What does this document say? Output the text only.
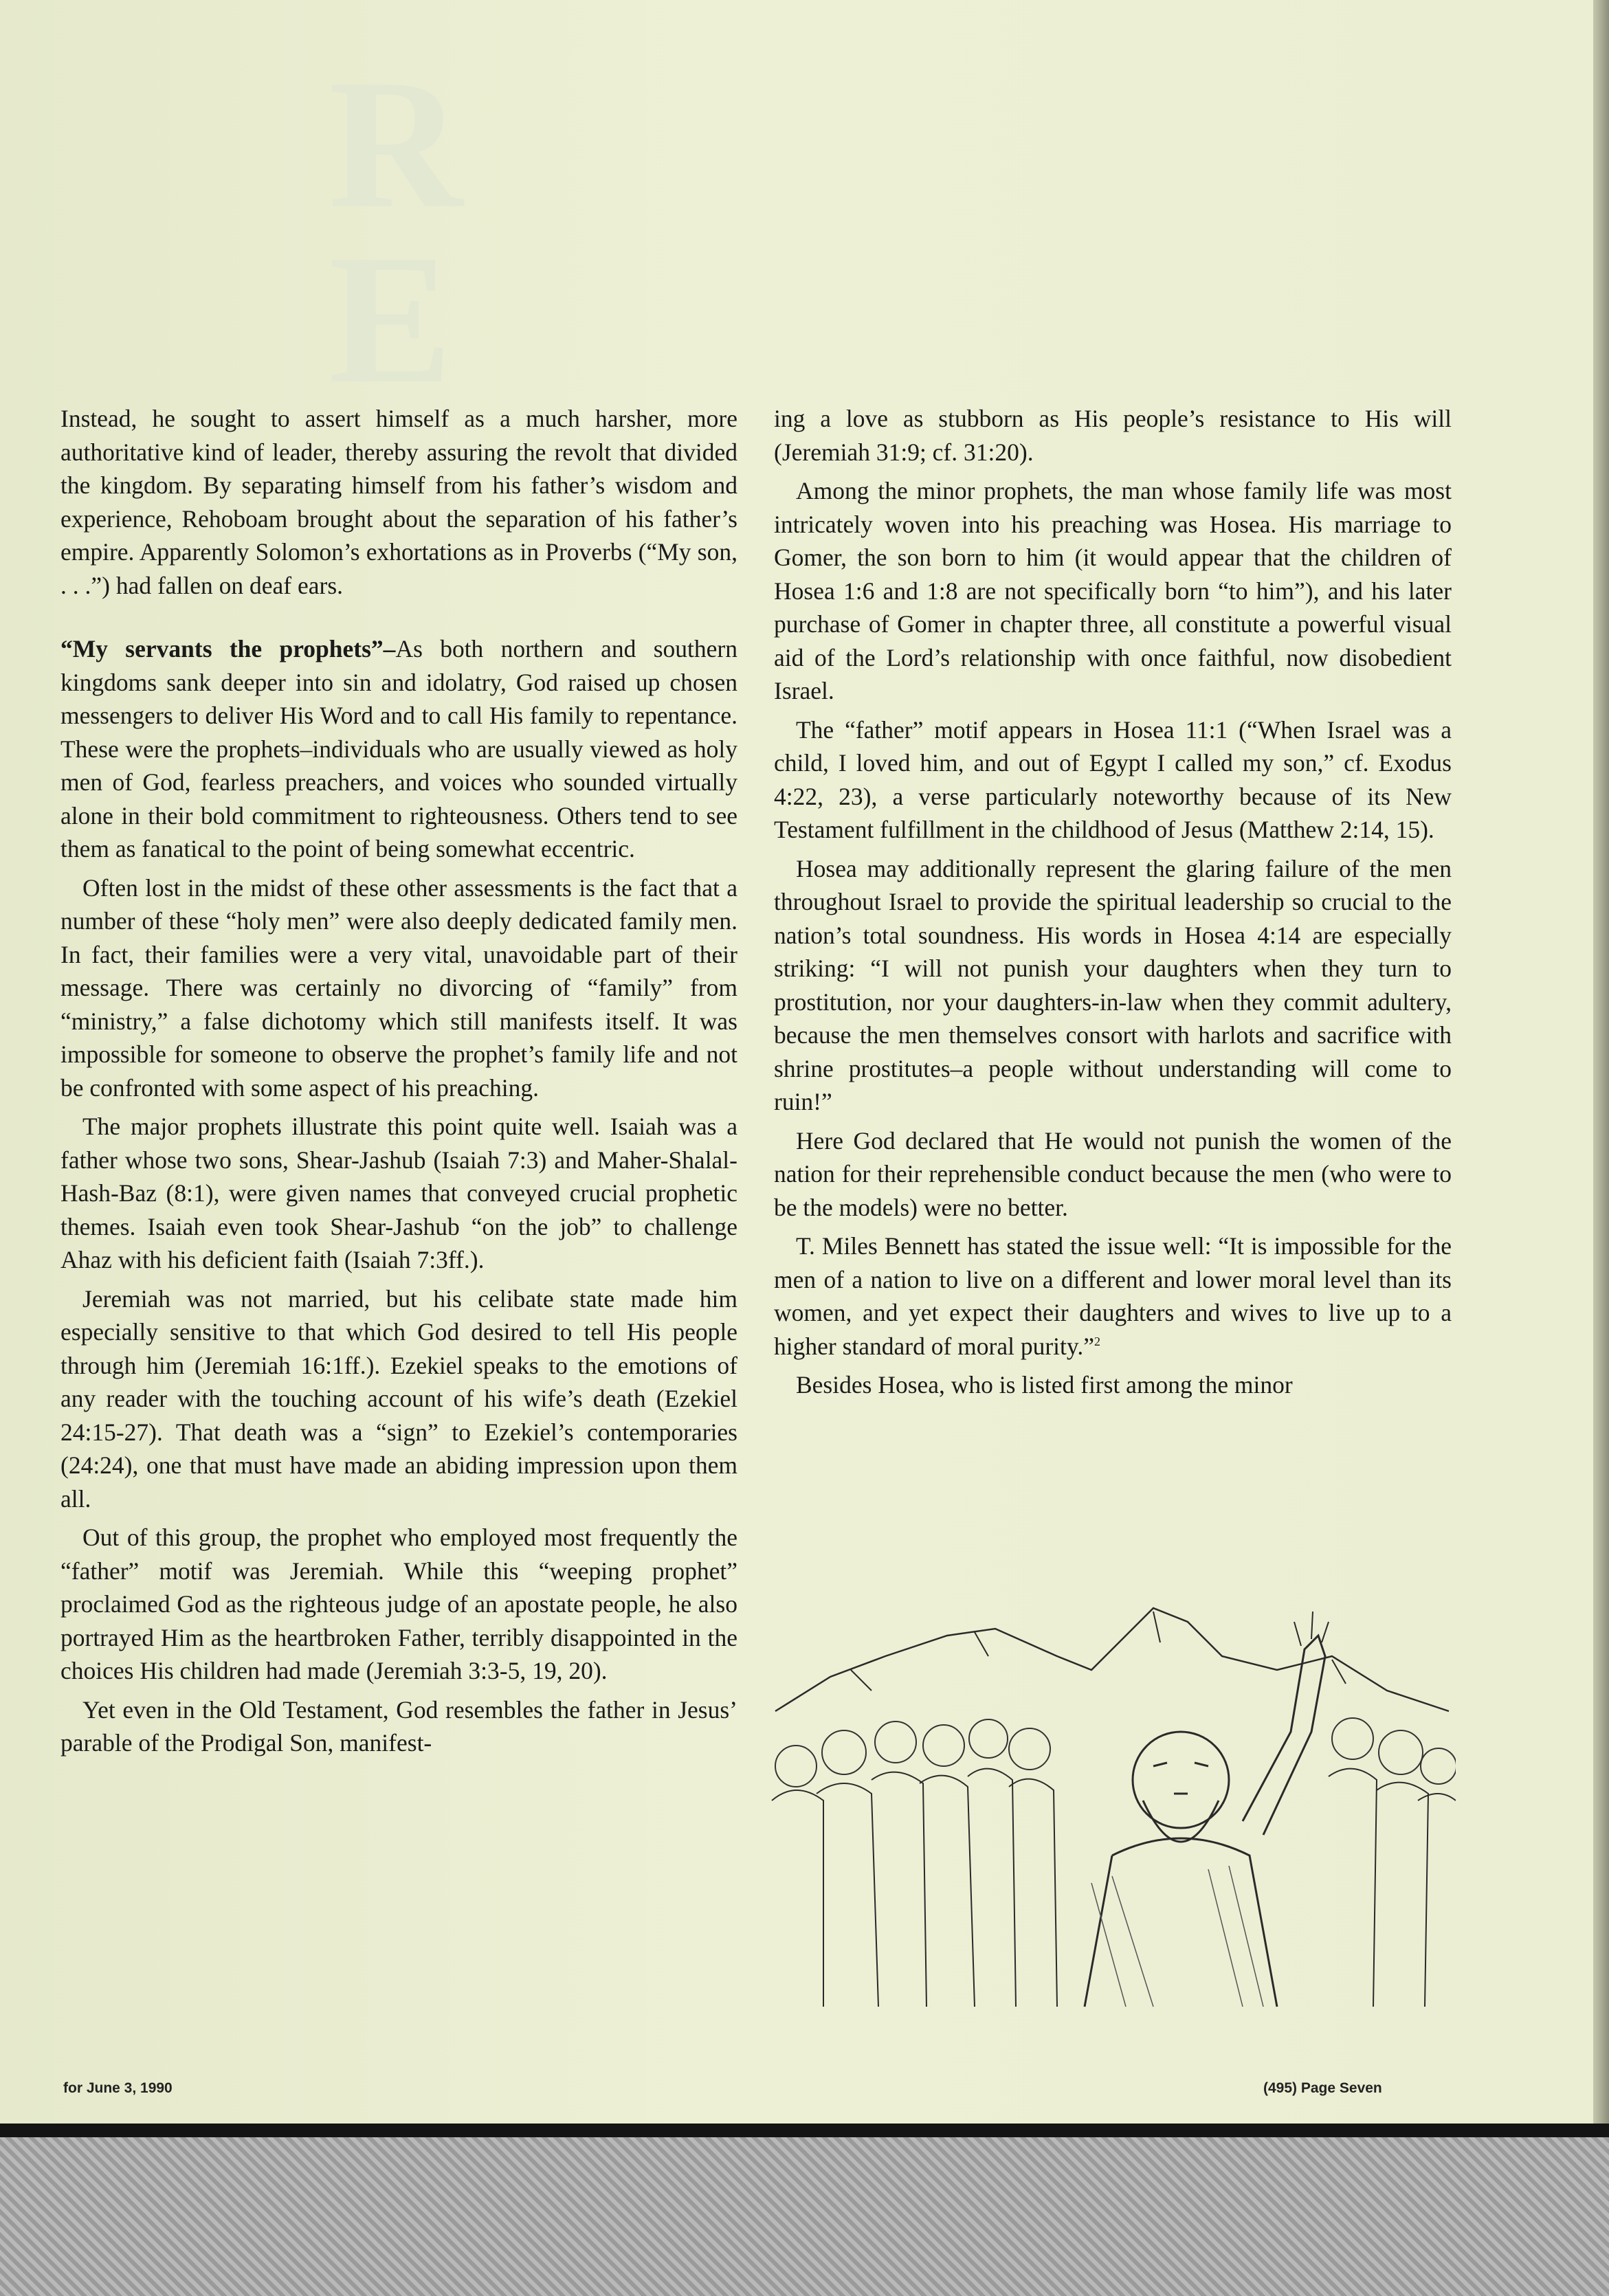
R
E

Instead, he sought to assert himself as a much harsher, more authoritative kind of leader, thereby assuring the revolt that divided the kingdom. By separating himself from his father’s wisdom and experience, Rehoboam brought about the separation of his father’s empire. Apparently Solomon’s exhortations as in Proverbs (“My son, . . .”) had fallen on deaf ears.

“My servants the prophets”–As both northern and southern kingdoms sank deeper into sin and idolatry, God raised up chosen messengers to deliver His Word and to call His family to repentance. These were the prophets–individuals who are usually viewed as holy men of God, fearless preachers, and voices who sounded virtually alone in their bold commitment to righteousness. Others tend to see them as fanatical to the point of being somewhat eccentric.

Often lost in the midst of these other assessments is the fact that a number of these “holy men” were also deeply dedicated family men. In fact, their families were a very vital, unavoidable part of their message. There was certainly no divorcing of “family” from “ministry,” a false dichotomy which still manifests itself. It was impossible for someone to observe the prophet’s family life and not be confronted with some aspect of his preaching.

The major prophets illustrate this point quite well. Isaiah was a father whose two sons, Shear-Jashub (Isaiah 7:3) and Maher-Shalal-Hash-Baz (8:1), were given names that conveyed crucial prophetic themes. Isaiah even took Shear-Jashub “on the job” to challenge Ahaz with his deficient faith (Isaiah 7:3ff.).

Jeremiah was not married, but his celibate state made him especially sensitive to that which God desired to tell His people through him (Jeremiah 16:1ff.). Ezekiel speaks to the emotions of any reader with the touching account of his wife’s death (Ezekiel 24:15-27). That death was a “sign” to Ezekiel’s contemporaries (24:24), one that must have made an abiding impression upon them all.

Out of this group, the prophet who employed most frequently the “father” motif was Jeremiah. While this “weeping prophet” proclaimed God as the righteous judge of an apostate people, he also portrayed Him as the heartbroken Father, terribly disappointed in the choices His children had made (Jeremiah 3:3-5, 19, 20).

Yet even in the Old Testament, God resembles the father in Jesus’ parable of the Prodigal Son, manifest-

ing a love as stubborn as His people’s resistance to His will (Jeremiah 31:9; cf. 31:20).

Among the minor prophets, the man whose family life was most intricately woven into his preaching was Hosea. His marriage to Gomer, the son born to him (it would appear that the children of Hosea 1:6 and 1:8 are not specifically born “to him”), and his later purchase of Gomer in chapter three, all constitute a powerful visual aid of the Lord’s relationship with once faithful, now disobedient Israel.

The “father” motif appears in Hosea 11:1 (“When Israel was a child, I loved him, and out of Egypt I called my son,” cf. Exodus 4:22, 23), a verse particularly noteworthy because of its New Testament fulfillment in the childhood of Jesus (Matthew 2:14, 15).

Hosea may additionally represent the glaring failure of the men throughout Israel to provide the spiritual leadership so crucial to the nation’s total soundness. His words in Hosea 4:14 are especially striking: “I will not punish your daughters when they turn to prostitution, nor your daughters-in-law when they commit adultery, because the men themselves consort with harlots and sacrifice with shrine prostitutes–a people without understanding will come to ruin!”

Here God declared that He would not punish the women of the nation for their reprehensible conduct because the men (who were to be the models) were no better.

T. Miles Bennett has stated the issue well: “It is impossible for the men of a nation to live on a different and lower moral level than its women, and yet expect their daughters and wives to live up to a higher standard of moral purity.”$^2$

Besides Hosea, who is listed first among the minor

for June 3, 1990	(495) Page Seven
